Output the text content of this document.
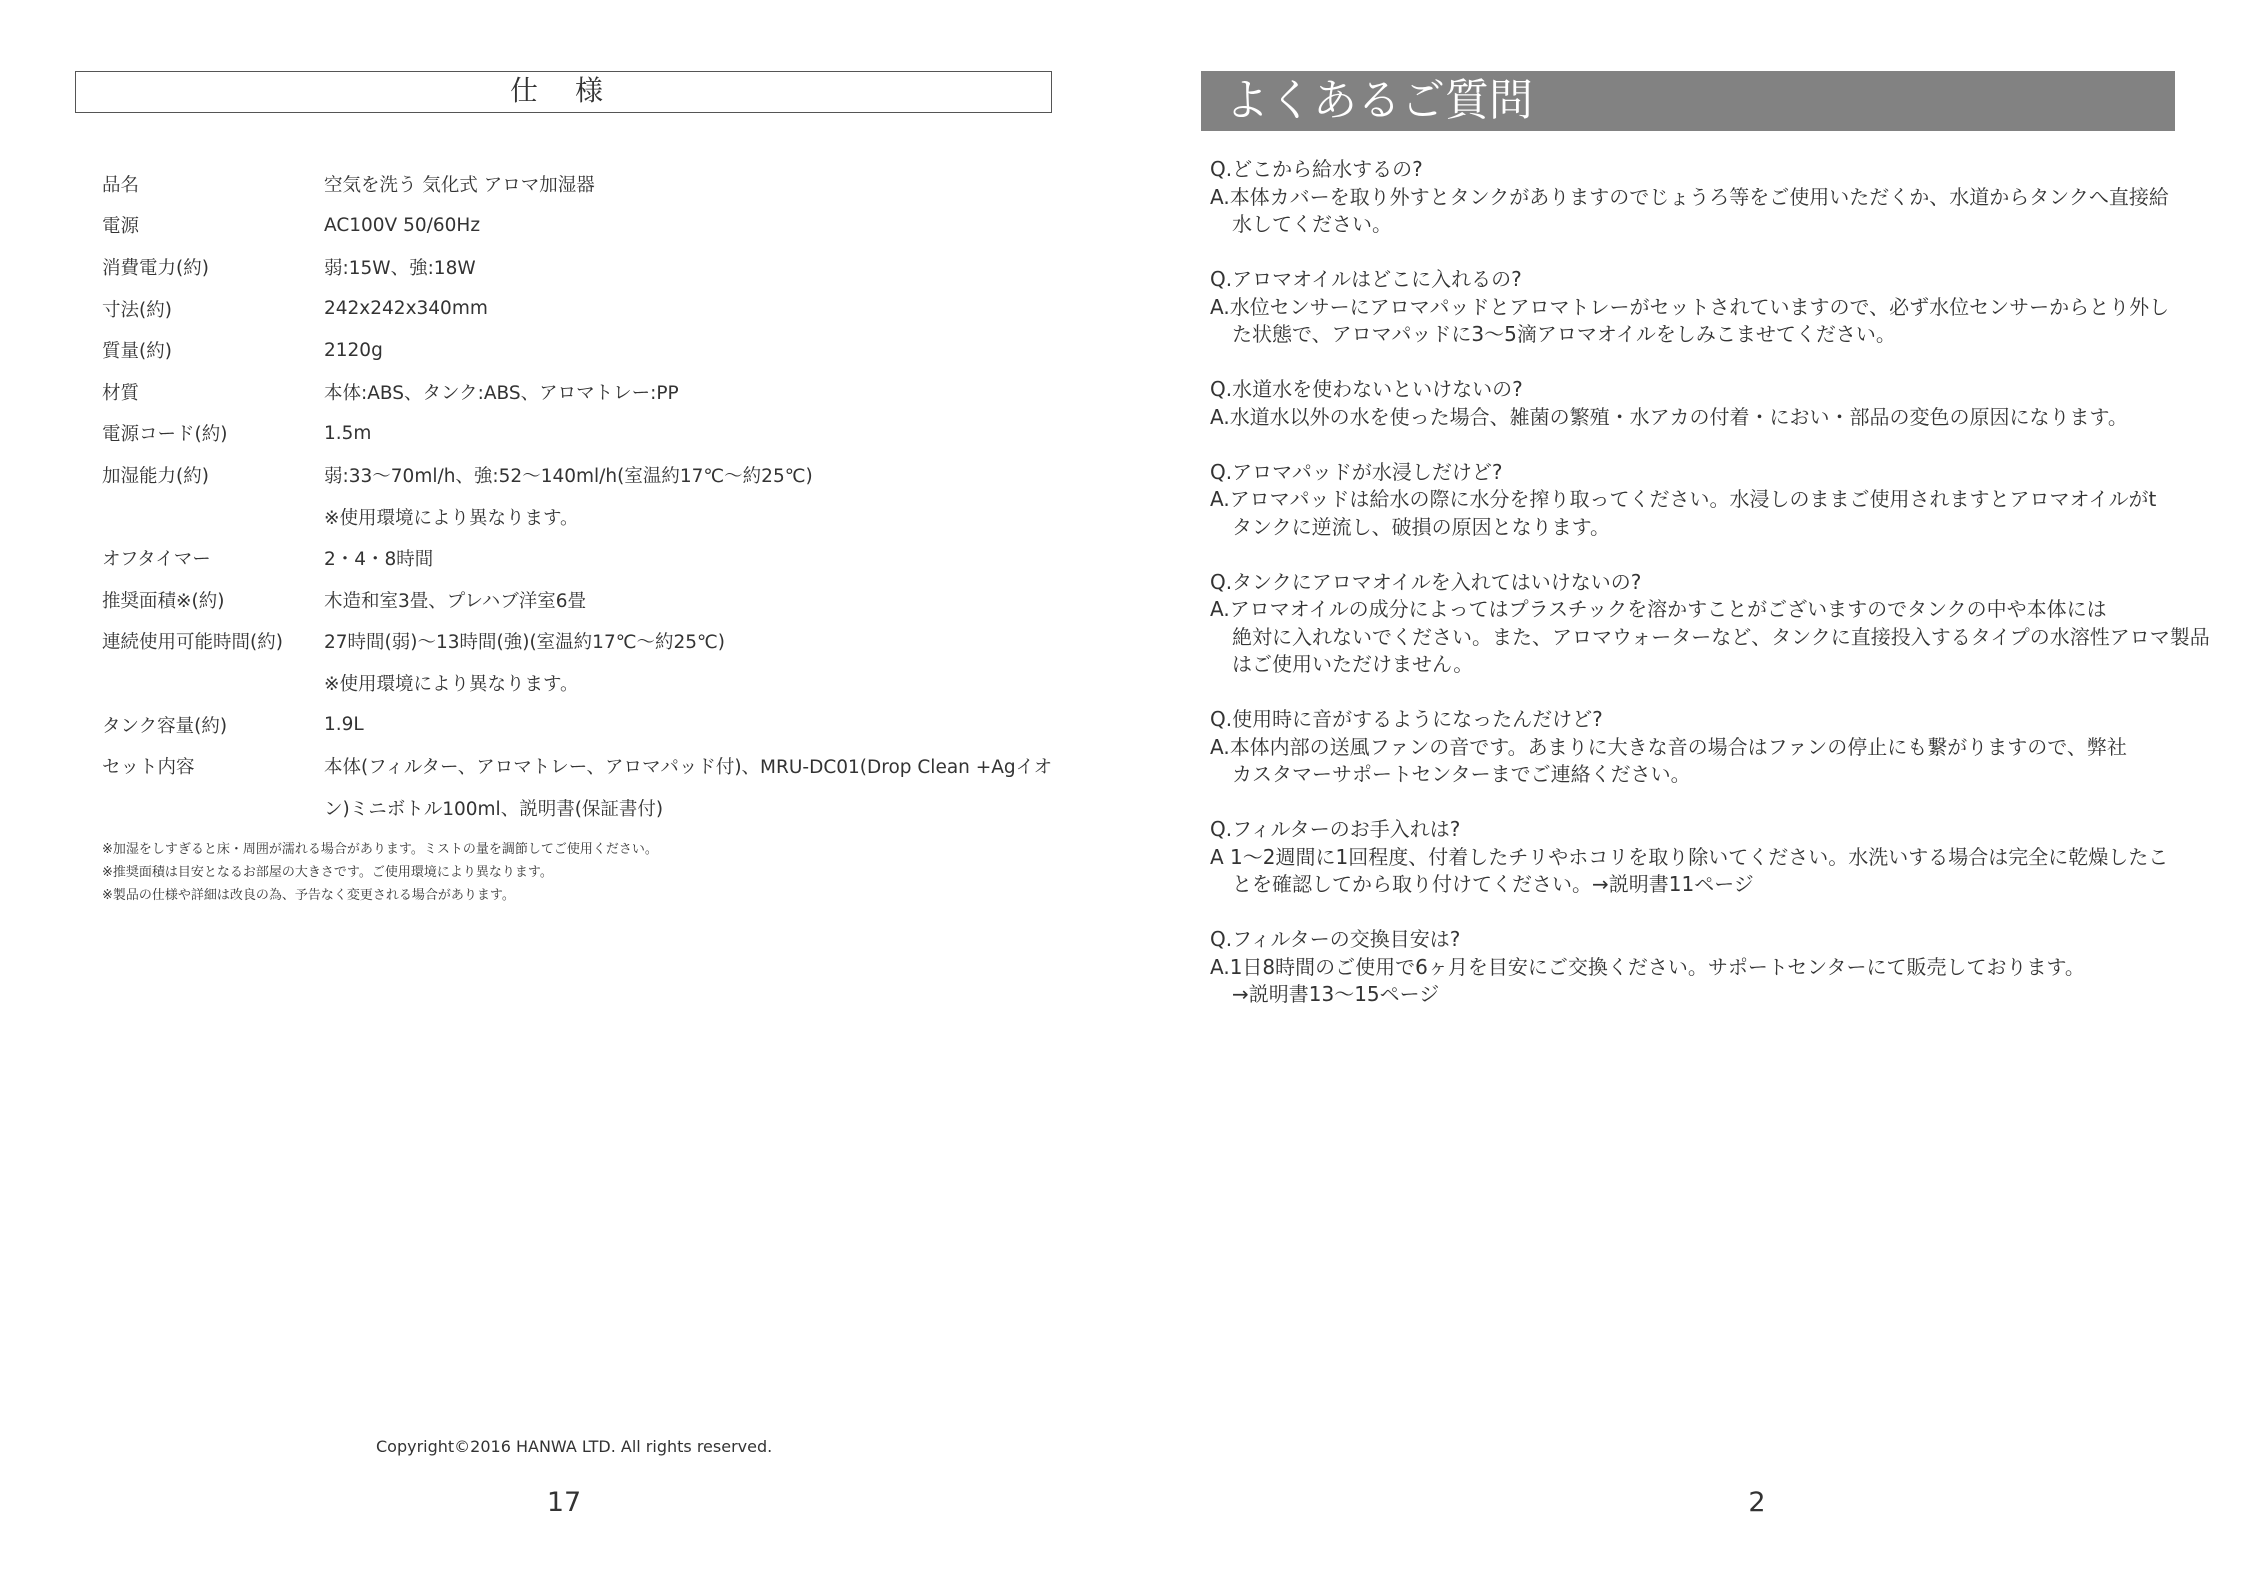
仕 様
品名	空気を洗う 気化式 アロマ加湿器
電源	AC100V 50/60Hz
消費電力(約)	弱:15W、強:18W
寸法(約)	242x242x340mm
質量(約)	2120g
材質	本体:ABS、タンク:ABS、アロマトレー:PP
電源コード(約)	1.5m
加湿能力(約)	弱:33〜70ml/h、強:52〜140ml/h(室温約17℃〜約25℃)
※使用環境により異なります。
オフタイマー	2・4・8時間
推奨面積※(約)	木造和室3畳、プレハブ洋室6畳
連続使用可能時間(約)	27時間(弱)〜13時間(強)(室温約17℃〜約25℃)
※使用環境により異なります。
タンク容量(約)	1.9L
セット内容	本体(フィルター、アロマトレー、アロマパッド付)、MRU-DC01(Drop Clean +Agイオ
ン)ミニボトル100ml、説明書(保証書付)
※加湿をしすぎると床・周囲が濡れる場合があります。ミストの量を調節してご使用ください。
※推奨面積は目安となるお部屋の大きさです。ご使用環境により異なります。
※製品の仕様や詳細は改良の為、予告なく変更される場合があります。
Copyright©2016 HANWA LTD. All rights reserved.
17
よくあるご質問
Q.どこから給水するの?
A.本体カバーを取り外すとタンクがありますのでじょうろ等をご使用いただくか、水道からタンクへ直接給
水してください。
Q.アロマオイルはどこに入れるの?
A.水位センサーにアロマパッドとアロマトレーがセットされていますので、必ず水位センサーからとり外し
た状態で、アロマパッドに3〜5滴アロマオイルをしみこませてください。
Q.水道水を使わないといけないの?
A.水道水以外の水を使った場合、雑菌の繁殖・水アカの付着・におい・部品の変色の原因になります。
Q.アロマパッドが水浸しだけど?
A.アロマパッドは給水の際に水分を搾り取ってください。水浸しのままご使用されますとアロマオイルがt
タンクに逆流し、破損の原因となります。
Q.タンクにアロマオイルを入れてはいけないの?
A.アロマオイルの成分によってはプラスチックを溶かすことがございますのでタンクの中や本体には
絶対に入れないでください。また、アロマウォーターなど、タンクに直接投入するタイプの水溶性アロマ製品
はご使用いただけません。
Q.使用時に音がするようになったんだけど?
A.本体内部の送風ファンの音です。あまりに大きな音の場合はファンの停止にも繋がりますので、弊社
カスタマーサポートセンターまでご連絡ください。
Q.フィルターのお手入れは?
A 1〜2週間に1回程度、付着したチリやホコリを取り除いてください。水洗いする場合は完全に乾燥したこ
とを確認してから取り付けてください。→説明書11ページ
Q.フィルターの交換目安は?
A.1日8時間のご使用で6ヶ月を目安にご交換ください。サポートセンターにて販売しております。
→説明書13〜15ページ
2
